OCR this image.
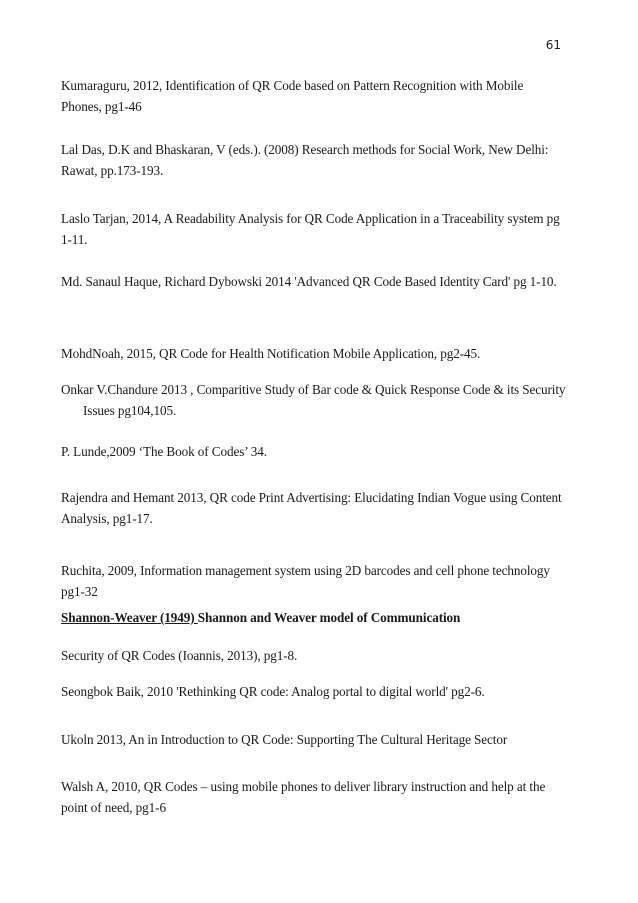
61

Kumaraguru, 2012, Identification of QR Code based on Pattern Recognition with Mobile Phones, pg1-46

Lal Das, D.K and Bhaskaran, V (eds.). (2008) Research methods for Social Work, New Delhi: Rawat, pp.173-193.

Laslo Tarjan, 2014, A Readability Analysis for QR Code Application in a Traceability system pg 1-11.

Md. Sanaul Haque, Richard Dybowski 2014 'Advanced QR Code Based Identity Card' pg 1-10.

MohdNoah, 2015, QR Code for Health Notification Mobile Application, pg2-45.

Onkar V.Chandure 2013 , Comparitive Study of Bar code & Quick Response Code & its Security Issues pg104,105.

P. Lunde,2009 ‘The Book of Codes’ 34.

Rajendra and Hemant 2013, QR code Print Advertising: Elucidating Indian Vogue using Content Analysis, pg1-17.

Ruchita, 2009, Information management system using 2D barcodes and cell phone technology pg1-32

Shannon-Weaver (1949) Shannon and Weaver model of Communication

Security of QR Codes (Ioannis, 2013), pg1-8.

Seongbok Baik, 2010 'Rethinking QR code: Analog portal to digital world' pg2-6.

Ukoln 2013, An in Introduction to QR Code: Supporting The Cultural Heritage Sector

Walsh A, 2010, QR Codes – using mobile phones to deliver library instruction and help at the point of need, pg1-6
